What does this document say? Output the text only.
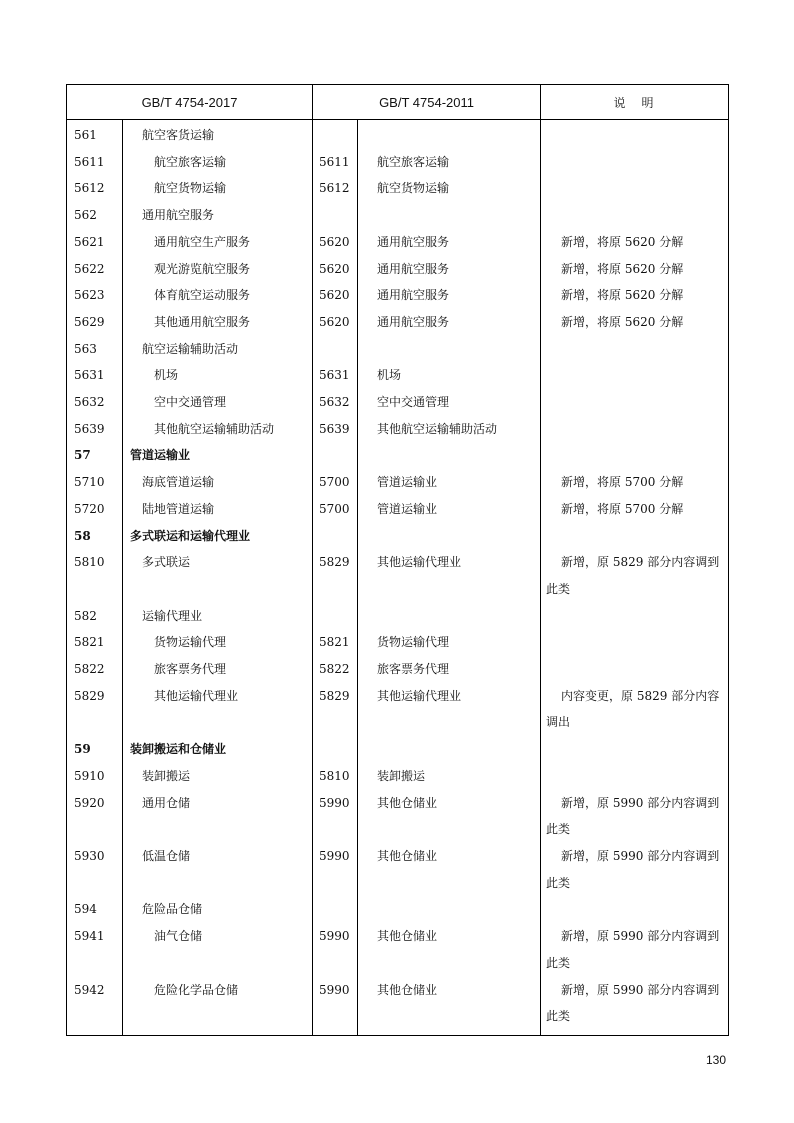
GB/T 4754-2017		GB/T 4754-2011		说明
561	航空客货运输			

5611	航空旅客运输	5611	航空旅客运输	

5612	航空货物运输	5612	航空货物运输	

562	通用航空服务			

5621	通用航空生产服务	5620	通用航空服务	新增，将原 5620 分解

5622	观光游览航空服务	5620	通用航空服务	新增，将原 5620 分解

5623	体育航空运动服务	5620	通用航空服务	新增，将原 5620 分解

5629	其他通用航空服务	5620	通用航空服务	新增，将原 5620 分解

563	航空运输辅助活动			

5631	机场	5631	机场	

5632	空中交通管理	5632	空中交通管理	

5639	其他航空运输辅助活动	5639	其他航空运输辅助活动	

57	管道运输业			

5710	海底管道运输	5700	管道运输业	新增，将原 5700 分解

5720	陆地管道运输	5700	管道运输业	新增，将原 5700 分解

58	多式联运和运输代理业			

5810	多式联运	5829	其他运输代理业	新增，原 5829 部分内容调到此类

582	运输代理业			

5821	货物运输代理	5821	货物运输代理	

5822	旅客票务代理	5822	旅客票务代理	

5829	其他运输代理业	5829	其他运输代理业	内容变更，原 5829 部分内容调出

59	装卸搬运和仓储业			

5910	装卸搬运	5810	装卸搬运	

5920	通用仓储	5990	其他仓储业	新增，原 5990 部分内容调到此类

5930	低温仓储	5990	其他仓储业	新增，原 5990 部分内容调到此类

594	危险品仓储			

5941	油气仓储	5990	其他仓储业	新增，原 5990 部分内容调到此类

5942	危险化学品仓储	5990	其他仓储业	新增，原 5990 部分内容调到此类
130
